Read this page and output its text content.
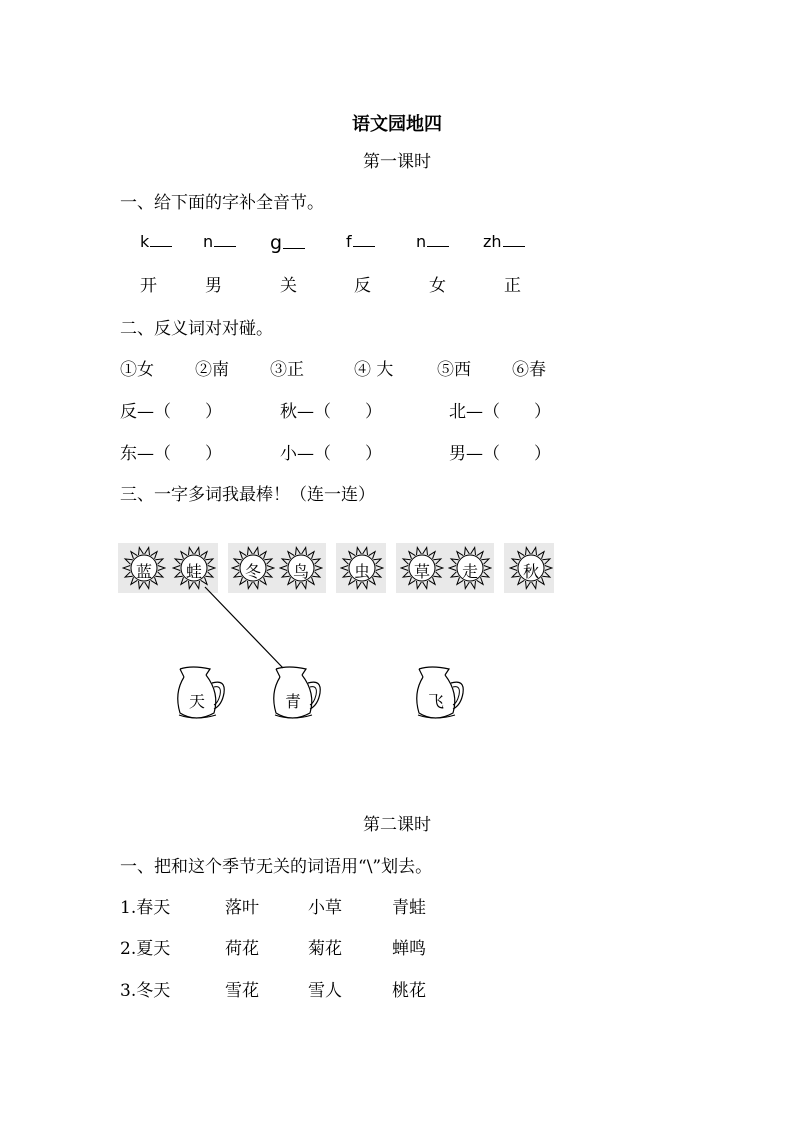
语文园地四
第一课时
一、给下面的字补全音节。
k	n	g	f	n	zh
开	男	关	反	女	正
二、反义词对对碰。
①女 ②南 ③正	④ 大	⑤西 ⑥春
反—（　　）	秋—（　　）	北—（　　）
东—（　　）	小—（　　）	男—（　　）
三、一字多词我最棒！（连一连）
蓝	蛙	冬	鸟	虫	草	走	秋
第二课时
一、把和这个季节无关的词语用“\”划去。
1.春天	落叶	小草	青蛙
2.夏天	荷花	菊花	蝉鸣
3.冬天	雪花	雪人	桃花
天	青	飞
